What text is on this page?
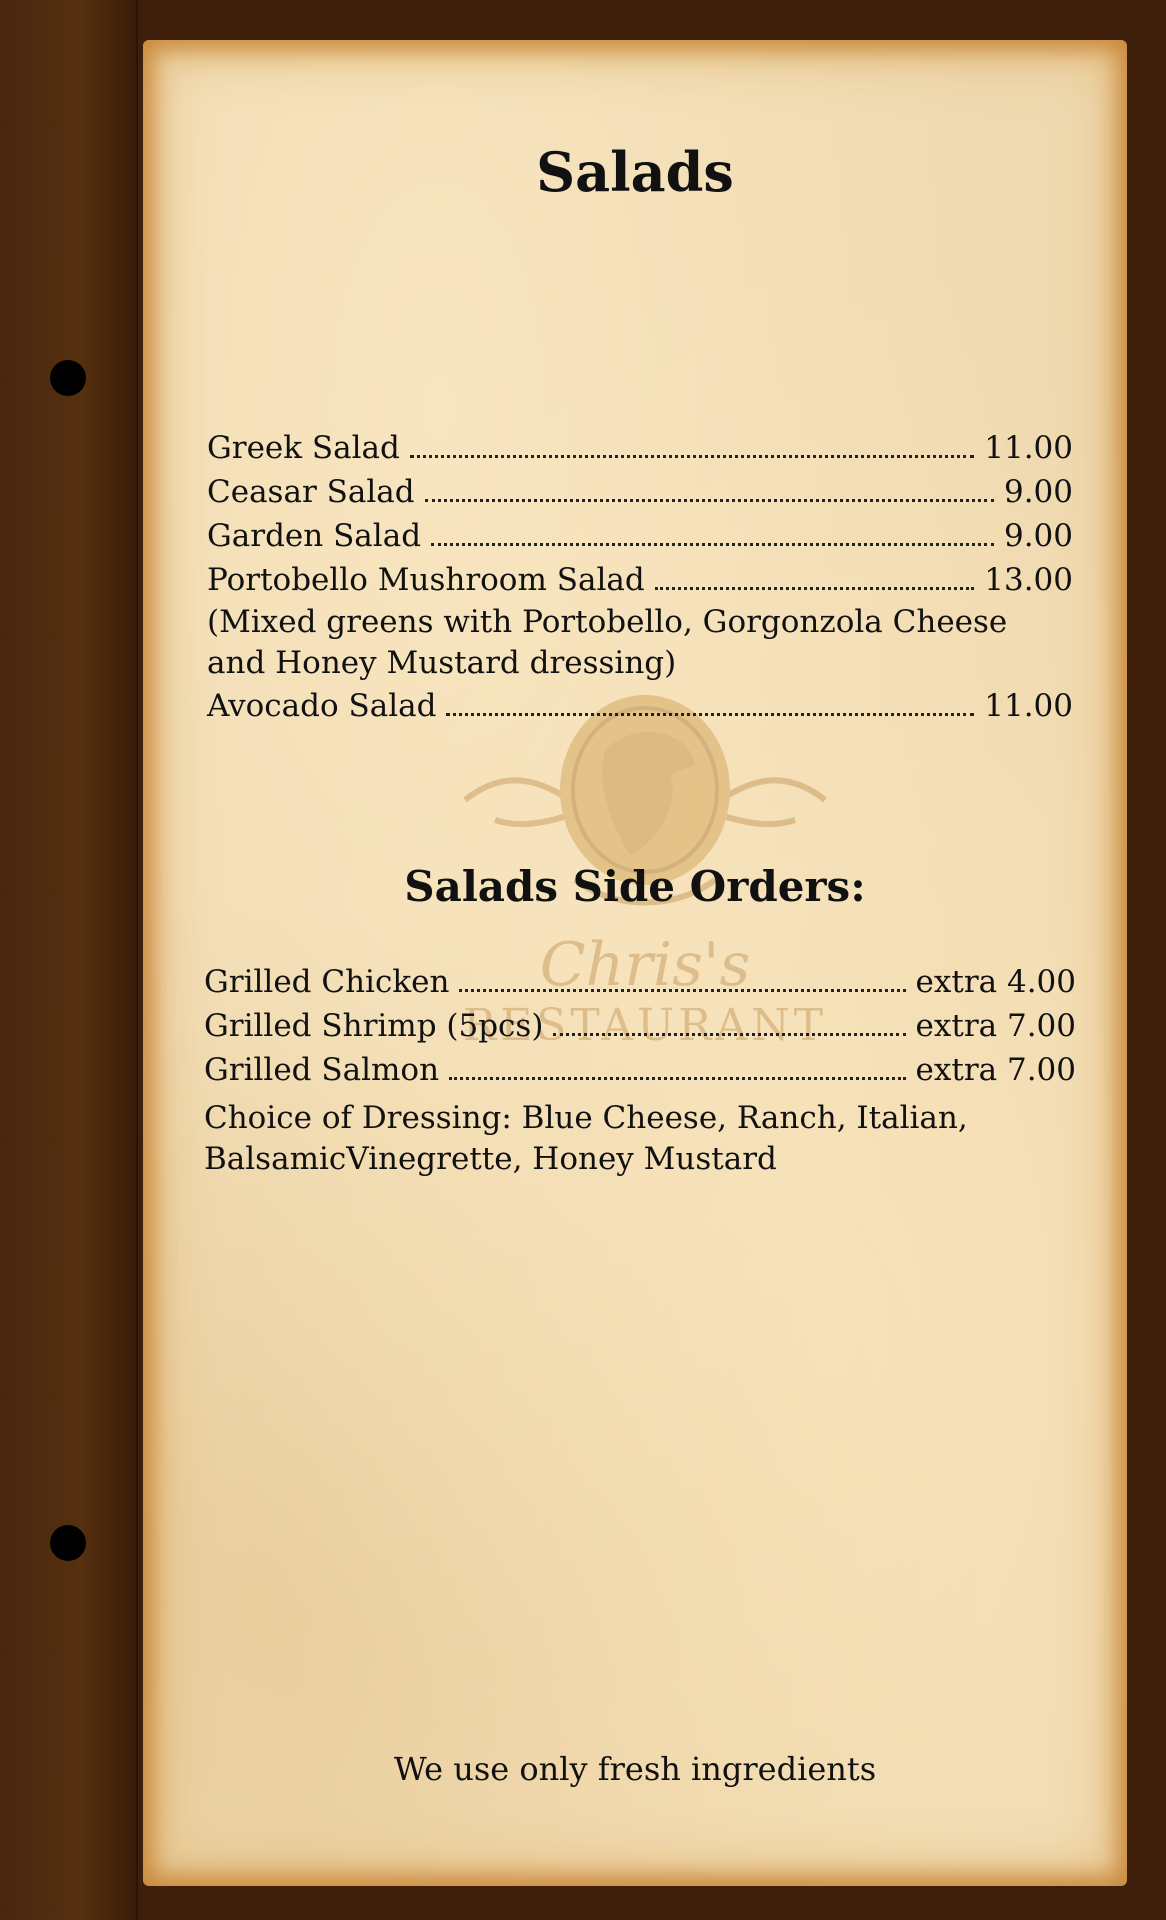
Chris's
RESTAURANT
Salads
Greek Salad	11.00
Ceasar Salad	9.00
Garden Salad	9.00
Portobello Mushroom Salad	13.00
(Mixed greens with Portobello, Gorgonzola Cheese
and Honey Mustard dressing)
Avocado Salad	11.00
Salads Side Orders:
Grilled Chicken	extra 4.00
Grilled Shrimp (5pcs)	extra 7.00
Grilled Salmon	extra 7.00
Choice of Dressing: Blue Cheese, Ranch, Italian,
BalsamicVinegrette, Honey Mustard
We use only fresh ingredients
